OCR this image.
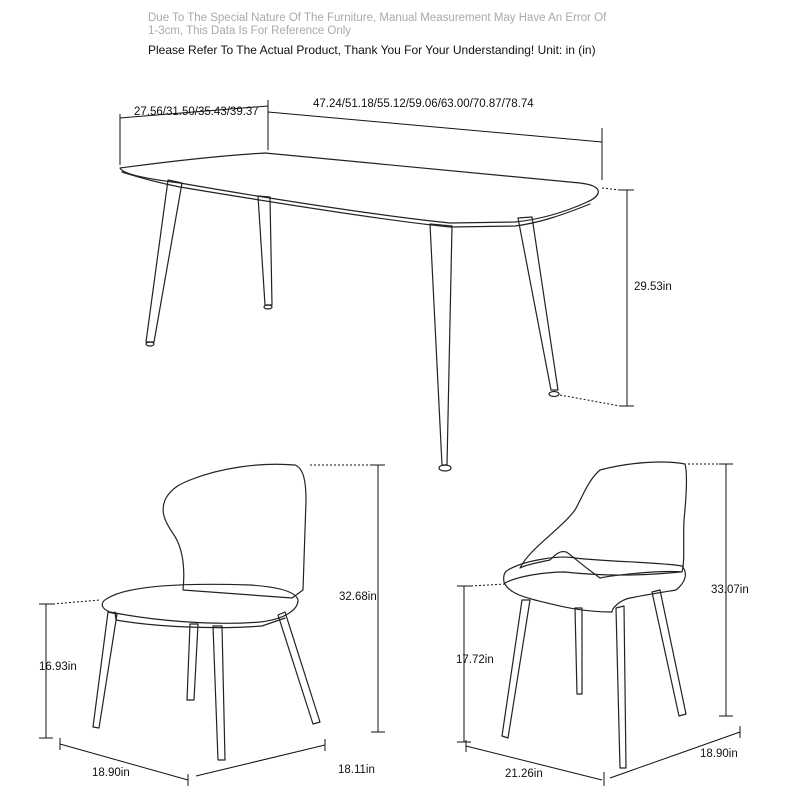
Due To The Special Nature Of The Furniture, Manual Measurement May Have An Error Of
1-3cm, This Data Is For Reference Only
Please Refer To The Actual Product, Thank You For Your Understanding! Unit: in (in)
27.56/31.50/35.43/39.37
47.24/51.18/55.12/59.06/63.00/70.87/78.74
29.53in
32.68in
16.93in
18.90in	18.11in
33.07in
17.72in
21.26in
18.90in
